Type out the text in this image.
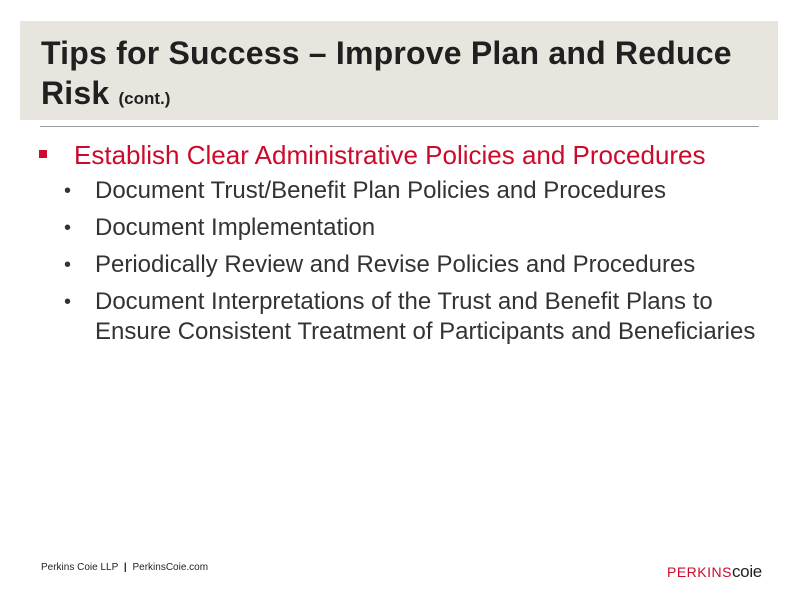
Tips for Success – Improve Plan and Reduce Risk (cont.)

Establish Clear Administrative Policies and Procedures

• Document Trust/Benefit Plan Policies and Procedures
• Document Implementation
• Periodically Review and Revise Policies and Procedures
• Document Interpretations of the Trust and Benefit Plans to Ensure Consistent Treatment of Participants and Beneficiaries
Perkins Coie LLP | PerkinsCoie.com	PERKINScoie
